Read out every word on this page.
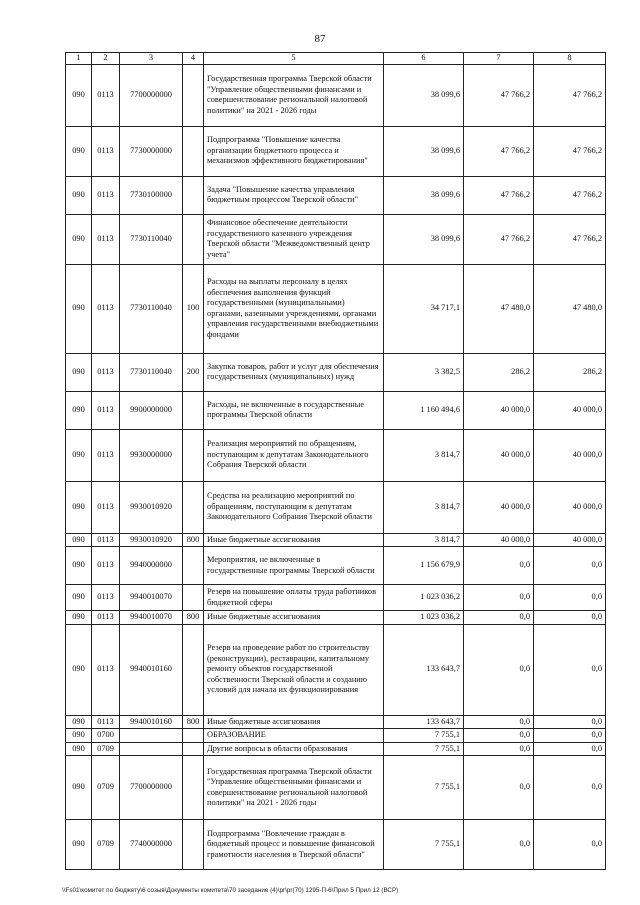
87
1	2	3	4	5	6	7	8
090	0113	7700000000		Государственная программа Тверской области "Управление общественными финансами и совершенствование региональной налоговой политики" на 2021 - 2026 годы	38 099,6	47 766,2	47 766,2
090	0113	7730000000		Подпрограмма "Повышение качества организации бюджетного процесса и механизмов эффективного бюджетирования"	38 099,6	47 766,2	47 766,2
090	0113	7730100000		Задача "Повышение качества управления бюджетным процессом Тверской области"	38 099,6	47 766,2	47 766,2
090	0113	7730110040		Финансовое обеспечение деятельности государственного казенного учреждения Тверской области "Межведомственный центр учета"	38 099,6	47 766,2	47 766,2
090	0113	7730110040	100	Расходы на выплаты персоналу в целях обеспечения выполнения функций государственными (муниципальными) органами, казенными учреждениями, органами управления государственными внебюджетными фондами	34 717,1	47 480,0	47 480,0
090	0113	7730110040	200	Закупка товаров, работ и услуг для обеспечения государственных (муниципальных) нужд	3 382,5	286,2	286,2
090	0113	9900000000		Расходы, не включенные в государственные программы Тверской области	1 160 494,6	40 000,0	40 000,0
090	0113	9930000000		Реализация мероприятий по обращениям, поступающим к депутатам Законодательного Собрания Тверской области	3 814,7	40 000,0	40 000,0
090	0113	9930010920		Средства на реализацию мероприятий по обращениям, поступающим к депутатам Законодательного Собрания Тверской области	3 814,7	40 000,0	40 000,0
090	0113	9930010920	800	Иные бюджетные ассигнования	3 814,7	40 000,0	40 000,0
090	0113	9940000000		Мероприятия, не включенные в государственные программы Тверской области	1 156 679,9	0,0	0,0
090	0113	9940010070		Резерв на повышение оплаты труда работников бюджетной сферы	1 023 036,2	0,0	0,0
090	0113	9940010070	800	Иные бюджетные ассигнования	1 023 036,2	0,0	0,0
090	0113	9940010160		Резерв на проведение работ по строительству (реконструкции), реставрации, капитальному ремонту объектов государственной собственности Тверской области и созданию условий для начала их функционирования	133 643,7	0,0	0,0
090	0113	9940010160	800	Иные бюджетные ассигнования	133 643,7	0,0	0,0
090	0700			ОБРАЗОВАНИЕ	7 755,1	0,0	0,0
090	0709			Другие вопросы в области образования	7 755,1	0,0	0,0
090	0709	7700000000		Государственная программа Тверской области "Управление общественными финансами и совершенствование региональной налоговой политики" на 2021 - 2026 годы	7 755,1	0,0	0,0
090	0709	7740000000		Подпрограмма "Вовлечение граждан в бюджетный процесс и повышение финансовой грамотности населения в Тверской области"	7 755,1	0,0	0,0
\\Fs01\комитет по бюджету\6 созыв\Документы комитета\70 заседание (4)\pr\pr(70) 1295-П-6\Прил 5 Прил 12 (ВСР)
